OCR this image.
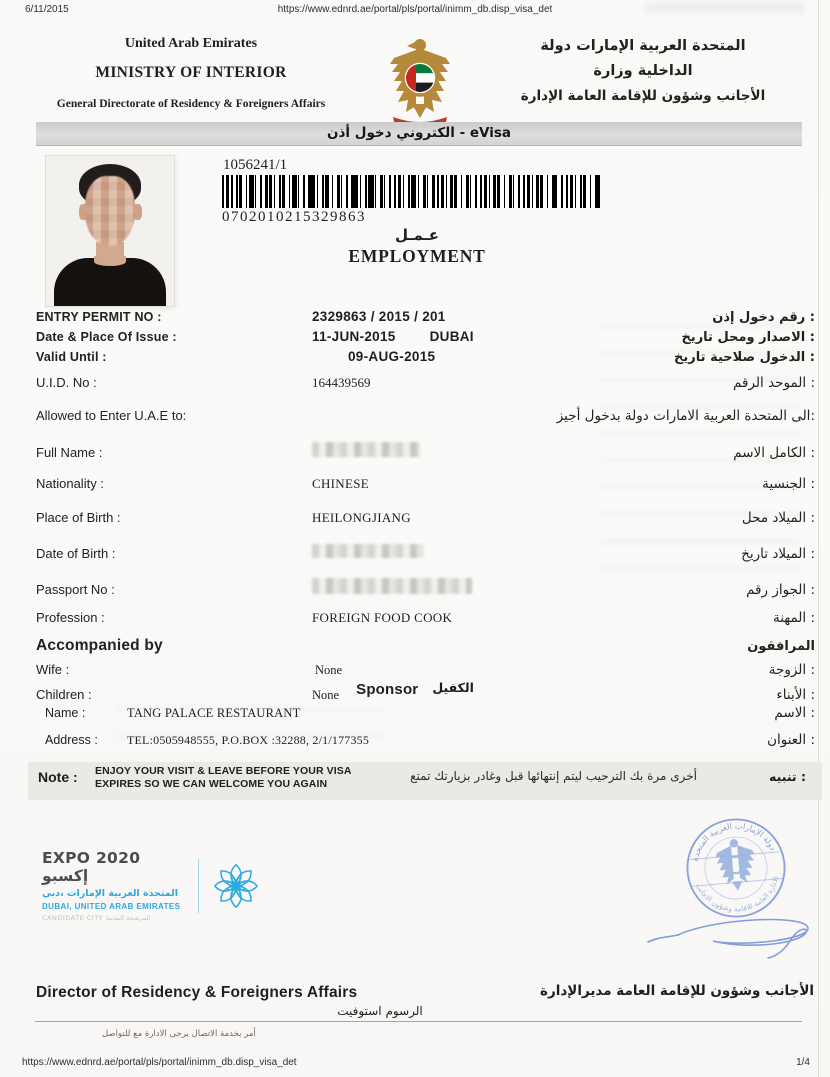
6/11/2015	https://www.ednrd.ae/portal/pls/portal/inimm_db.disp_visa_det
United Arab Emirates
MINISTRY OF INTERIOR
General Directorate of Residency & Foreigners Affairs
دولة‎ الإمارات‎ العربية‎ المتحدة
وزارة‎ الداخلية
الإدارة‎ العامة‎ للإقامة‎ وشؤون‎ الأجانب
أذن‎ دخول‎ الكتروني‎ - eVisa
1056241/1
0702010215329863
عـمـل
EMPLOYMENT
ENTRY PERMIT NO :	2329863 / 2015 / 201	إذن‎ دخول‎ رقم‎ :
Date & Place Of Issue :	11-JUN-2015	DUBAI	تاريخ‎ ومحل‎ الاصدار‎ :
Valid Until :	09-AUG-2015	تاريخ‎ صلاحية‎ الدخول‎ :
U.I.D. No :	164439569	الرقم‎ الموحد‎ :
Allowed to Enter U.A.E to:	أجيز‎ بدخول‎ دولة‎ الامارات‎ العربية‎ المتحدة‎ الى:
Full Name :	الاسم‎ الكامل‎ :
Nationality :	CHINESE	الجنسية :
Place of Birth :	HEILONGJIANG	محل‎ الميلاد‎ :
Date of Birth :	تاريخ‎ الميلاد‎ :
Passport No :	رقم‎ الجواز‎ :
Profession :	FOREIGN FOOD COOK	المهنة :
Accompanied by	المرافقون
Wife :	None	الزوجة :
Children :	None	الأبناء :
Sponsor الكفيل
Name :	TANG PALACE RESTAURANT	الاسم :
Address :	TEL:0505948555, P.O.BOX :32288, 2/1/177355	العنوان :
Note : ENJOY YOUR VISIT & LEAVE BEFORE YOUR VISA
EXPIRES SO WE CAN WELCOME YOU AGAIN
تمتع‎ بزيارتك‎ وغادر‎ قبل‎ إنتهائها‎ ليتم‎ الترحيب‎ بك‎ مرة‎ أخرى	تنبيه :
EXPO 2020 إكسبو
دبي،‎ الإمارات‎ العربية‎ المتحدة
DUBAI, UNITED ARAB EMIRATES
CANDIDATE CITY المدينة‎ المرشحة
دولة الإمارات العربية المتحدة
الادارة العامة للاقامة وشؤون الاجانب
Director of Residency & Foreigners Affairs	مديرالإدارة‎ العامة‎ للإقامة‎ وشؤون‎ الأجانب
استوفيت‎ الرسوم
للتواصل‎ مع‎ الادارة‎ يرجى‎ الاتصال‎ بخدمة‎ أمر
https://www.ednrd.ae/portal/pls/portal/inimm_db.disp_visa_det	1/4
